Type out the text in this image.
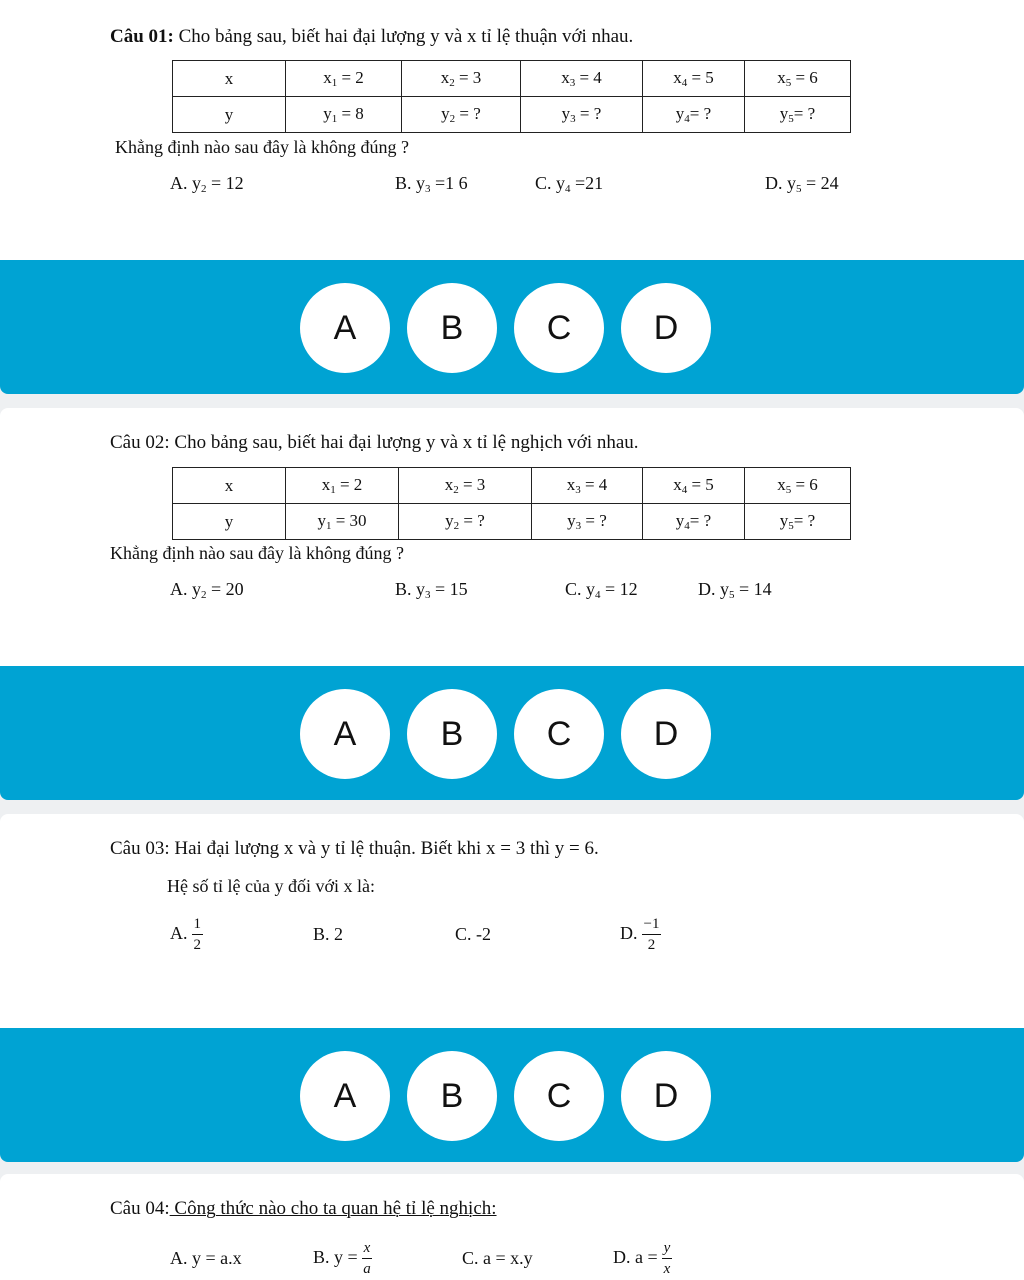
Câu 01: Cho bảng sau, biết hai đại lượng y và x tỉ lệ thuận với nhau.
x	$x_1 = 2$	$x_2 = 3$	$x_3 = 4$	$x_4 = 5$	$x_5 = 6$
y	$y_1 = 8$	$y_2$ = ?	$y_3$ = ?	$y_4=$ ?	$y_5=$ ?
Khẳng định nào sau đây là không đúng ?
A. $y_2 = 12$	B. $y_3 =1$ 6	C. $y_4 =21$	D. $y_5 = 24$
A	B	C	D
Câu 02: Cho bảng sau, biết hai đại lượng y và x tỉ lệ nghịch với nhau.
x	$x_1 = 2$	$x_2 = 3$	$x_3 = 4$	$x_4 = 5$	$x_5 = 6$
y	$y_1 = 30$	$y_2$ = ?	$y_3$ = ?	$y_4=$ ?	$y_5=$ ?
Khẳng định nào sau đây là không đúng ?
A. $y_2 = 20$	B. $y_3 = 15$	C. $y_4 = 12$	D. $y_5 = 14$
A	B	C	D
Câu 03: Hai đại lượng x và y tỉ lệ thuận. Biết khi x = 3 thì y = 6.
Hệ số tỉ lệ của y đối với x là:
A. $\frac{1}{2}$	B. 2	C. -2	D. $\frac{-1}{2}$
A	B	C	D
Câu 04: Công thức nào cho ta quan hệ tỉ lệ nghịch:
A. y = a.x	B. $y = \frac{x}{a}$	C. a = x.y	D. $a = \frac{y}{x}$
